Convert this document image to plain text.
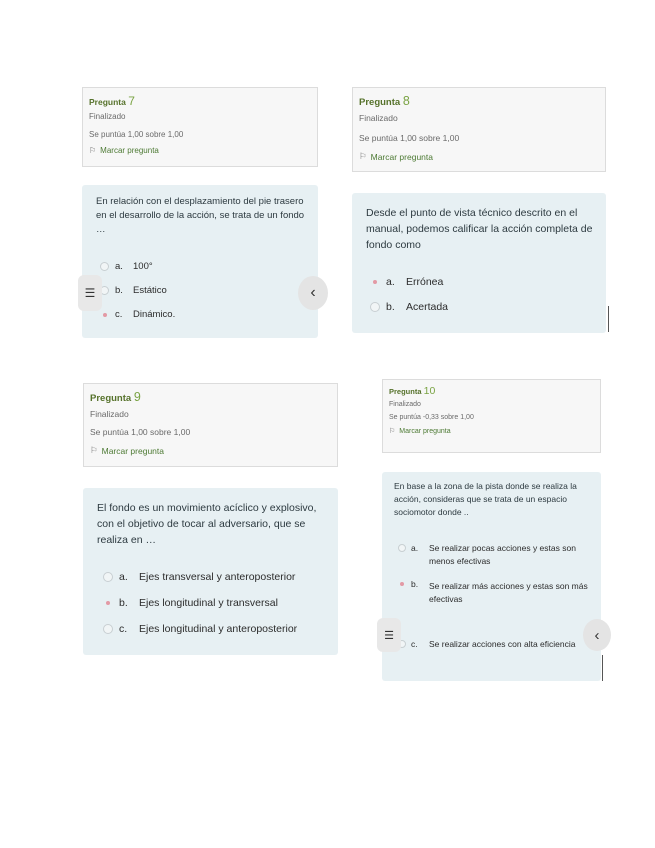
Pregunta 7
Finalizado
Se puntúa 1,00 sobre 1,00
⚐ Marcar pregunta
En relación con el desplazamiento del pie trasero en el desarrollo de la acción, se trata de un fondo …
a.	100°
b.	Estático
c.	Dinámico.
☰	‹
Pregunta 8
Finalizado
Se puntúa 1,00 sobre 1,00
⚐ Marcar pregunta
Desde el punto de vista técnico descrito en el manual, podemos calificar la acción completa de fondo como
a.	Errónea
b.	Acertada
Pregunta 9
Finalizado
Se puntúa 1,00 sobre 1,00
⚐ Marcar pregunta
El fondo es un movimiento acíclico y explosivo, con el objetivo de tocar al adversario, que se realiza en …
a.	Ejes transversal y anteroposterior
b.	Ejes longitudinal y transversal
c.	Ejes longitudinal y anteroposterior
Pregunta 10
Finalizado
Se puntúa -0,33 sobre 1,00
⚐ Marcar pregunta
En base a la zona de la pista donde se realiza la acción, consideras que se trata de un espacio sociomotor donde ..
a.	Se realizar pocas acciones y estas son menos efectivas
b.	Se realizar más acciones y estas son más efectivas
c.	Se realizar acciones con alta eficiencia
☰	‹
